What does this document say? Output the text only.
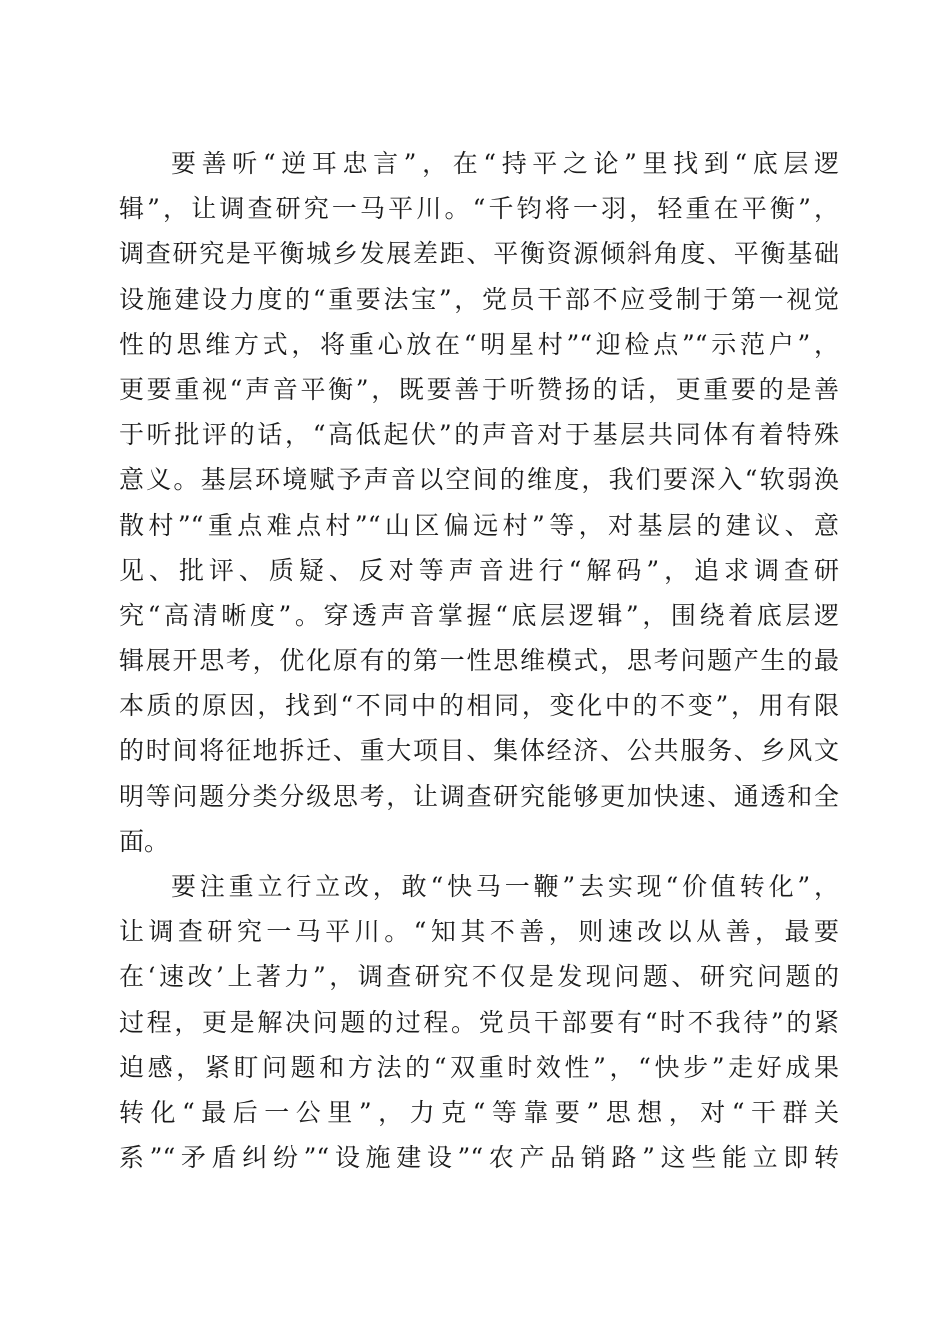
要善听“逆耳忠言”，在“持平之论”里找到“底层逻
辑”，让调查研究一马平川。“千钧将一羽，轻重在平衡”，
调查研究是平衡城乡发展差距、平衡资源倾斜角度、平衡基础
设施建设力度的“重要法宝”，党员干部不应受制于第一视觉
性的思维方式，将重心放在“明星村”“迎检点”“示范户”，
更要重视“声音平衡”，既要善于听赞扬的话，更重要的是善
于听批评的话，“高低起伏”的声音对于基层共同体有着特殊
意义。基层环境赋予声音以空间的维度，我们要深入“软弱涣
散村”“重点难点村”“山区偏远村”等，对基层的建议、意
见、批评、质疑、反对等声音进行“解码”，追求调查研
究“高清晰度”。穿透声音掌握“底层逻辑”，围绕着底层逻
辑展开思考，优化原有的第一性思维模式，思考问题产生的最
本质的原因，找到“不同中的相同，变化中的不变”，用有限
的时间将征地拆迁、重大项目、集体经济、公共服务、乡风文
明等问题分类分级思考，让调查研究能够更加快速、通透和全
面。
要注重立行立改，敢“快马一鞭”去实现“价值转化”，
让调查研究一马平川。“知其不善，则速改以从善，最要
在‘速改’上著力”，调查研究不仅是发现问题、研究问题的
过程，更是解决问题的过程。党员干部要有“时不我待”的紧
迫感，紧盯问题和方法的“双重时效性”，“快步”走好成果
转化“最后一公里”，力克“等靠要”思想，对“干群关
系”“矛盾纠纷”“设施建设”“农产品销路”这些能立即转
